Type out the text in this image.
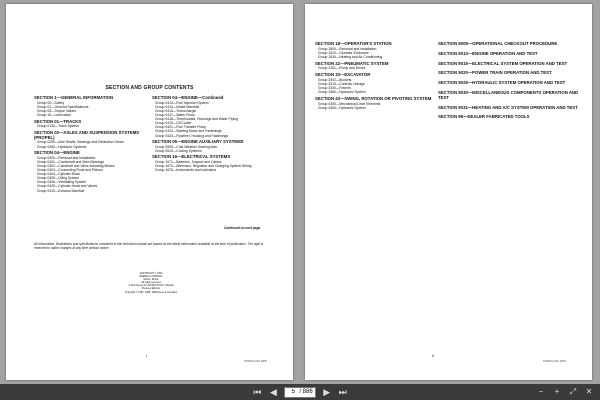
SECTION AND GROUP CONTENTS
SECTION 1—GENERAL INFORMATION
Group 00—Safety
Group 01—General Specifications
Group 05—Torque Values
Group 10—Lubrication
SECTION 01—TRACKS
Group 0130—Track System
SECTION 02—AXLES AND SUSPENSION SYSTEMS (PROPEL)
Group 0250—Axle Shafts, Bearings and Reduction Gears
Group 0260—Hydraulic Systems
SECTION 04—ENGINE
Group 0400—Removal and Installation
Group 0401—Crankshaft and Main Bearings
Group 0402—Camshaft and Valve Actuating Means
Group 0403—Connecting Rods and Pistons
Group 0404—Cylinder Block
Group 0405—Oiling System
Group 0406—Ventilating System
Group 0409—Cylinder Head and Valves
Group 0410—Exhaust Manifold
SECTION 04—ENGINE—Continued
Group 0413—Fuel Injection System
Group 0414—Intake Manifold
Group 0416—Turbocharger
Group 0417—Water Pump
Group 0418—Thermostats, Housings and Water Piping
Group 0419—Oil Cooler
Group 0421—Fuel Transfer Pump
Group 0422—Starting Motor and Fastenings
Group 0433—Flywheel, Housing and Fastenings
SECTION 05—ENGINE AUXILIARY SYSTEMS
Group 0505—Cold Weather Starting Aids
Group 0510—Cooling Systems
SECTION 16—ELECTRICAL SYSTEMS
Group 1671—Batteries, Support and Cables
Group 1672—Alternator, Regulator and Charging System Wiring
Group 1676—Instruments and Indicators
Continued on next page
All information, illustrations and specifications contained in this technical manual are based on the latest information available at the time of publication. The right is reserved to make changes at any time without notice.
COPYRIGHT © 1990
DEERE & COMPANY
Moline, Illinois
All rights reserved
A John Deere ILLUSTRUCTION™ Manual
Previous Editions
Copyright © 1987, 1988, 1989 Deere & Company
i
TM4460 (6-90) JOHN
SECTION 18—OPERATOR'S STATION
Group 1800—Removal and Installation
Group 1810—Operator Enclosure
Group 1830—Heating and Air Conditioning
SECTION 22—PNEUMATIC SYSTEM
Group 2261—Pump and Drives
SECTION 33—EXCAVATOR
Group 3302—Buckets
Group 3319—Controls Linkage
Group 3340—Frames
Group 3360—Hydraulic System
SECTION 43—SWING, ROTATION OR PIVOTING SYSTEM
Group 4350—Mechanical Drive Elements
Group 4360—Hydraulic System
SECTION 9005—OPERATIONAL CHECKOUT PROCEDURE
SECTION 9010—ENGINE OPERATION AND TEST
SECTION 9015—ELECTRICAL SYSTEM OPERATION AND TEST
SECTION 9020—POWER TRAIN OPERATION AND TEST
SECTION 9025—HYDRAULIC SYSTEM OPERATION AND TEST
SECTION 9030—MISCELLANEOUS COMPONENTS OPERATION AND TEST
SECTION 9031—HEATING AND A/C SYSTEM OPERATION AND TEST
SECTION 99—DEALER FABRICATED TOOLS
ii
TM4460 (6-90) JOHN
⏮ ◀
5	/ 886 ▶ ⏭	−	+	⤢ ✕
